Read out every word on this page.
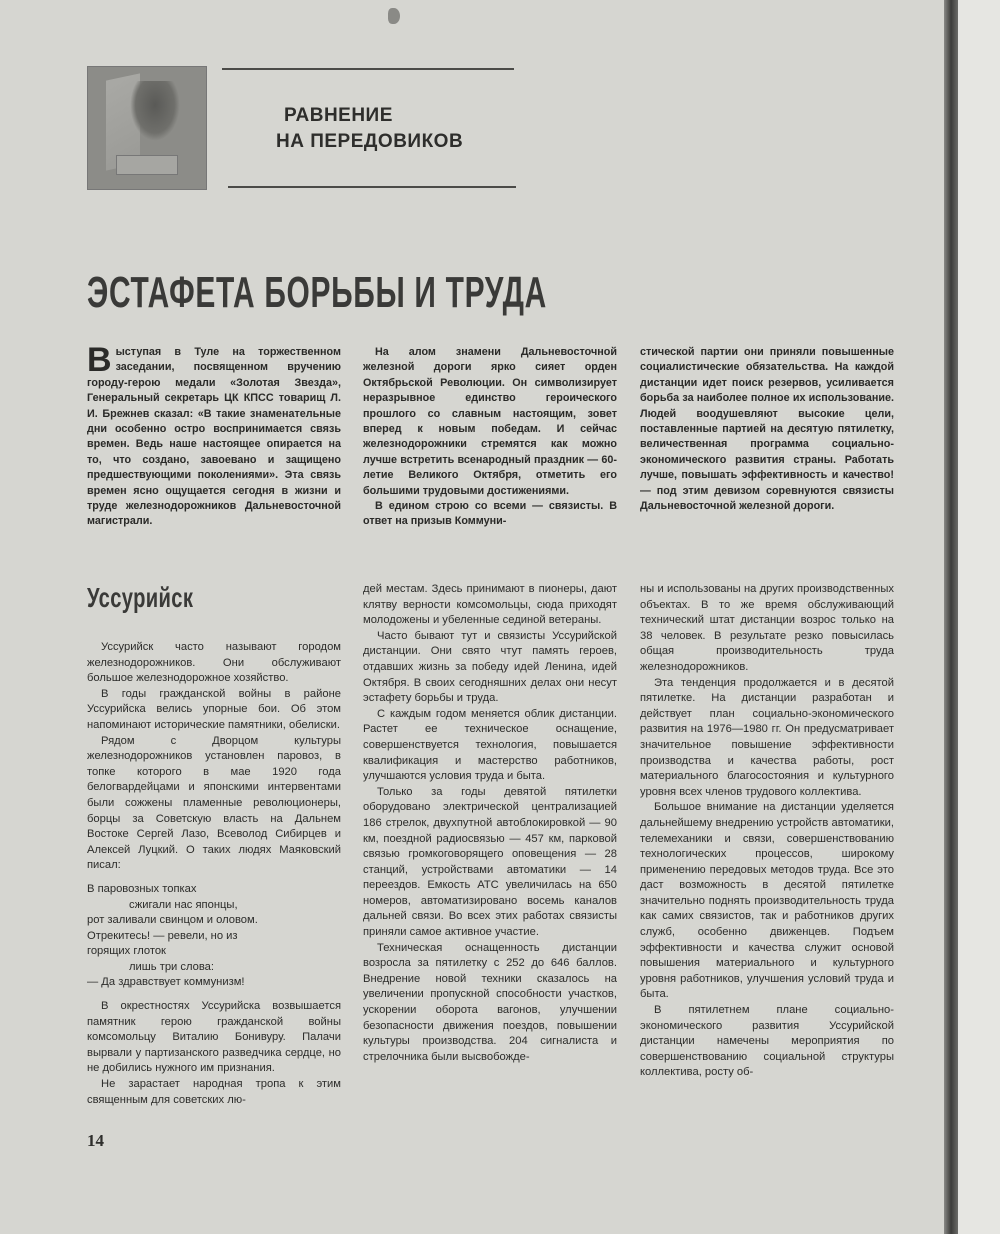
РАВНЕНИЕ
НА ПЕРЕДОВИКОВ
ЭСТАФЕТА БОРЬБЫ И ТРУДА

Выступая в Туле на торжественном заседании, посвященном вручению городу-герою медали «Золотая Звезда», Генеральный секретарь ЦК КПСС товарищ Л. И. Брежнев сказал: «В такие знаменательные дни особенно остро воспринимается связь времен. Ведь наше настоящее опирается на то, что создано, завоевано и защищено предшествующими поколениями». Эта связь времен ясно ощущается сегодня в жизни и труде железнодорожников Дальневосточной магистрали.

На алом знамени Дальневосточной железной дороги ярко сияет орден Октябрьской Революции. Он символизирует неразрывное единство героического прошлого со славным настоящим, зовет вперед к новым победам. И сейчас железнодорожники стремятся как можно лучше встретить всенародный праздник — 60-летие Великого Октября, отметить его большими трудовыми достижениями.

В едином строю со всеми — связисты. В ответ на призыв Коммуни-

стической партии они приняли повышенные социалистические обязательства. На каждой дистанции идет поиск резервов, усиливается борьба за наиболее полное их использование. Людей воодушевляют высокие цели, поставленные партией на десятую пятилетку, величественная программа социально-экономического развития страны. Работать лучше, повышать эффективность и качество! — под этим девизом соревнуются связисты Дальневосточной железной дороги.

Уссурийск

Уссурийск часто называют городом железнодорожников. Они обслуживают большое железнодорожное хозяйство.

В годы гражданской войны в районе Уссурийска велись упорные бои. Об этом напоминают исторические памятники, обелиски.

Рядом с Дворцом культуры железнодорожников установлен паровоз, в топке которого в мае 1920 года белогвардейцами и японскими интервентами были сожжены пламенные революционеры, борцы за Советскую власть на Дальнем Востоке Сергей Лазо, Всеволод Сибирцев и Алексей Луцкий. О таких людях Маяковский писал:

В паровозных топках
сжигали нас японцы,
рот заливали свинцом и оловом.
Отрекитесь! — ревели, но из
горящих глоток
лишь три слова:
— Да здравствует коммунизм!

В окрестностях Уссурийска возвышается памятник герою гражданской войны комсомольцу Виталию Бонивуру. Палачи вырвали у партизанского разведчика сердце, но не добились нужного им признания.

Не зарастает народная тропа к этим священным для советских лю-

дей местам. Здесь принимают в пионеры, дают клятву верности комсомольцы, сюда приходят молодожены и убеленные сединой ветераны.

Часто бывают тут и связисты Уссурийской дистанции. Они свято чтут память героев, отдавших жизнь за победу идей Ленина, идей Октября. В своих сегодняшних делах они несут эстафету борьбы и труда.

С каждым годом меняется облик дистанции. Растет ее техническое оснащение, совершенствуется технология, повышается квалификация и мастерство работников, улучшаются условия труда и быта.

Только за годы девятой пятилетки оборудовано электрической централизацией 186 стрелок, двухпутной автоблокировкой — 90 км, поездной радиосвязью — 457 км, парковой связью громкоговорящего оповещения — 28 станций, устройствами автоматики — 14 переездов. Емкость АТС увеличилась на 650 номеров, автоматизировано восемь каналов дальней связи. Во всех этих работах связисты приняли самое активное участие.

Техническая оснащенность дистанции возросла за пятилетку с 252 до 646 баллов. Внедрение новой техники сказалось на увеличении пропускной способности участков, ускорении оборота вагонов, улучшении безопасности движения поездов, повышении культуры производства. 204 сигналиста и стрелочника были высвобожде-

ны и использованы на других производственных объектах. В то же время обслуживающий технический штат дистанции возрос только на 38 человек. В результате резко повысилась общая производительность труда железнодорожников.

Эта тенденция продолжается и в десятой пятилетке. На дистанции разработан и действует план социально-экономического развития на 1976—1980 гг. Он предусматривает значительное повышение эффективности производства и качества работы, рост материального благосостояния и культурного уровня всех членов трудового коллектива.

Большое внимание на дистанции уделяется дальнейшему внедрению устройств автоматики, телемеханики и связи, совершенствованию технологических процессов, широкому применению передовых методов труда. Все это даст возможность в десятой пятилетке значительно поднять производительность труда как самих связистов, так и работников других служб, особенно движенцев. Подъем эффективности и качества служит основой повышения материального и культурного уровня работников, улучшения условий труда и быта.

В пятилетнем плане социально-экономического развития Уссурийской дистанции намечены мероприятия по совершенствованию социальной структуры коллектива, росту об-

14
